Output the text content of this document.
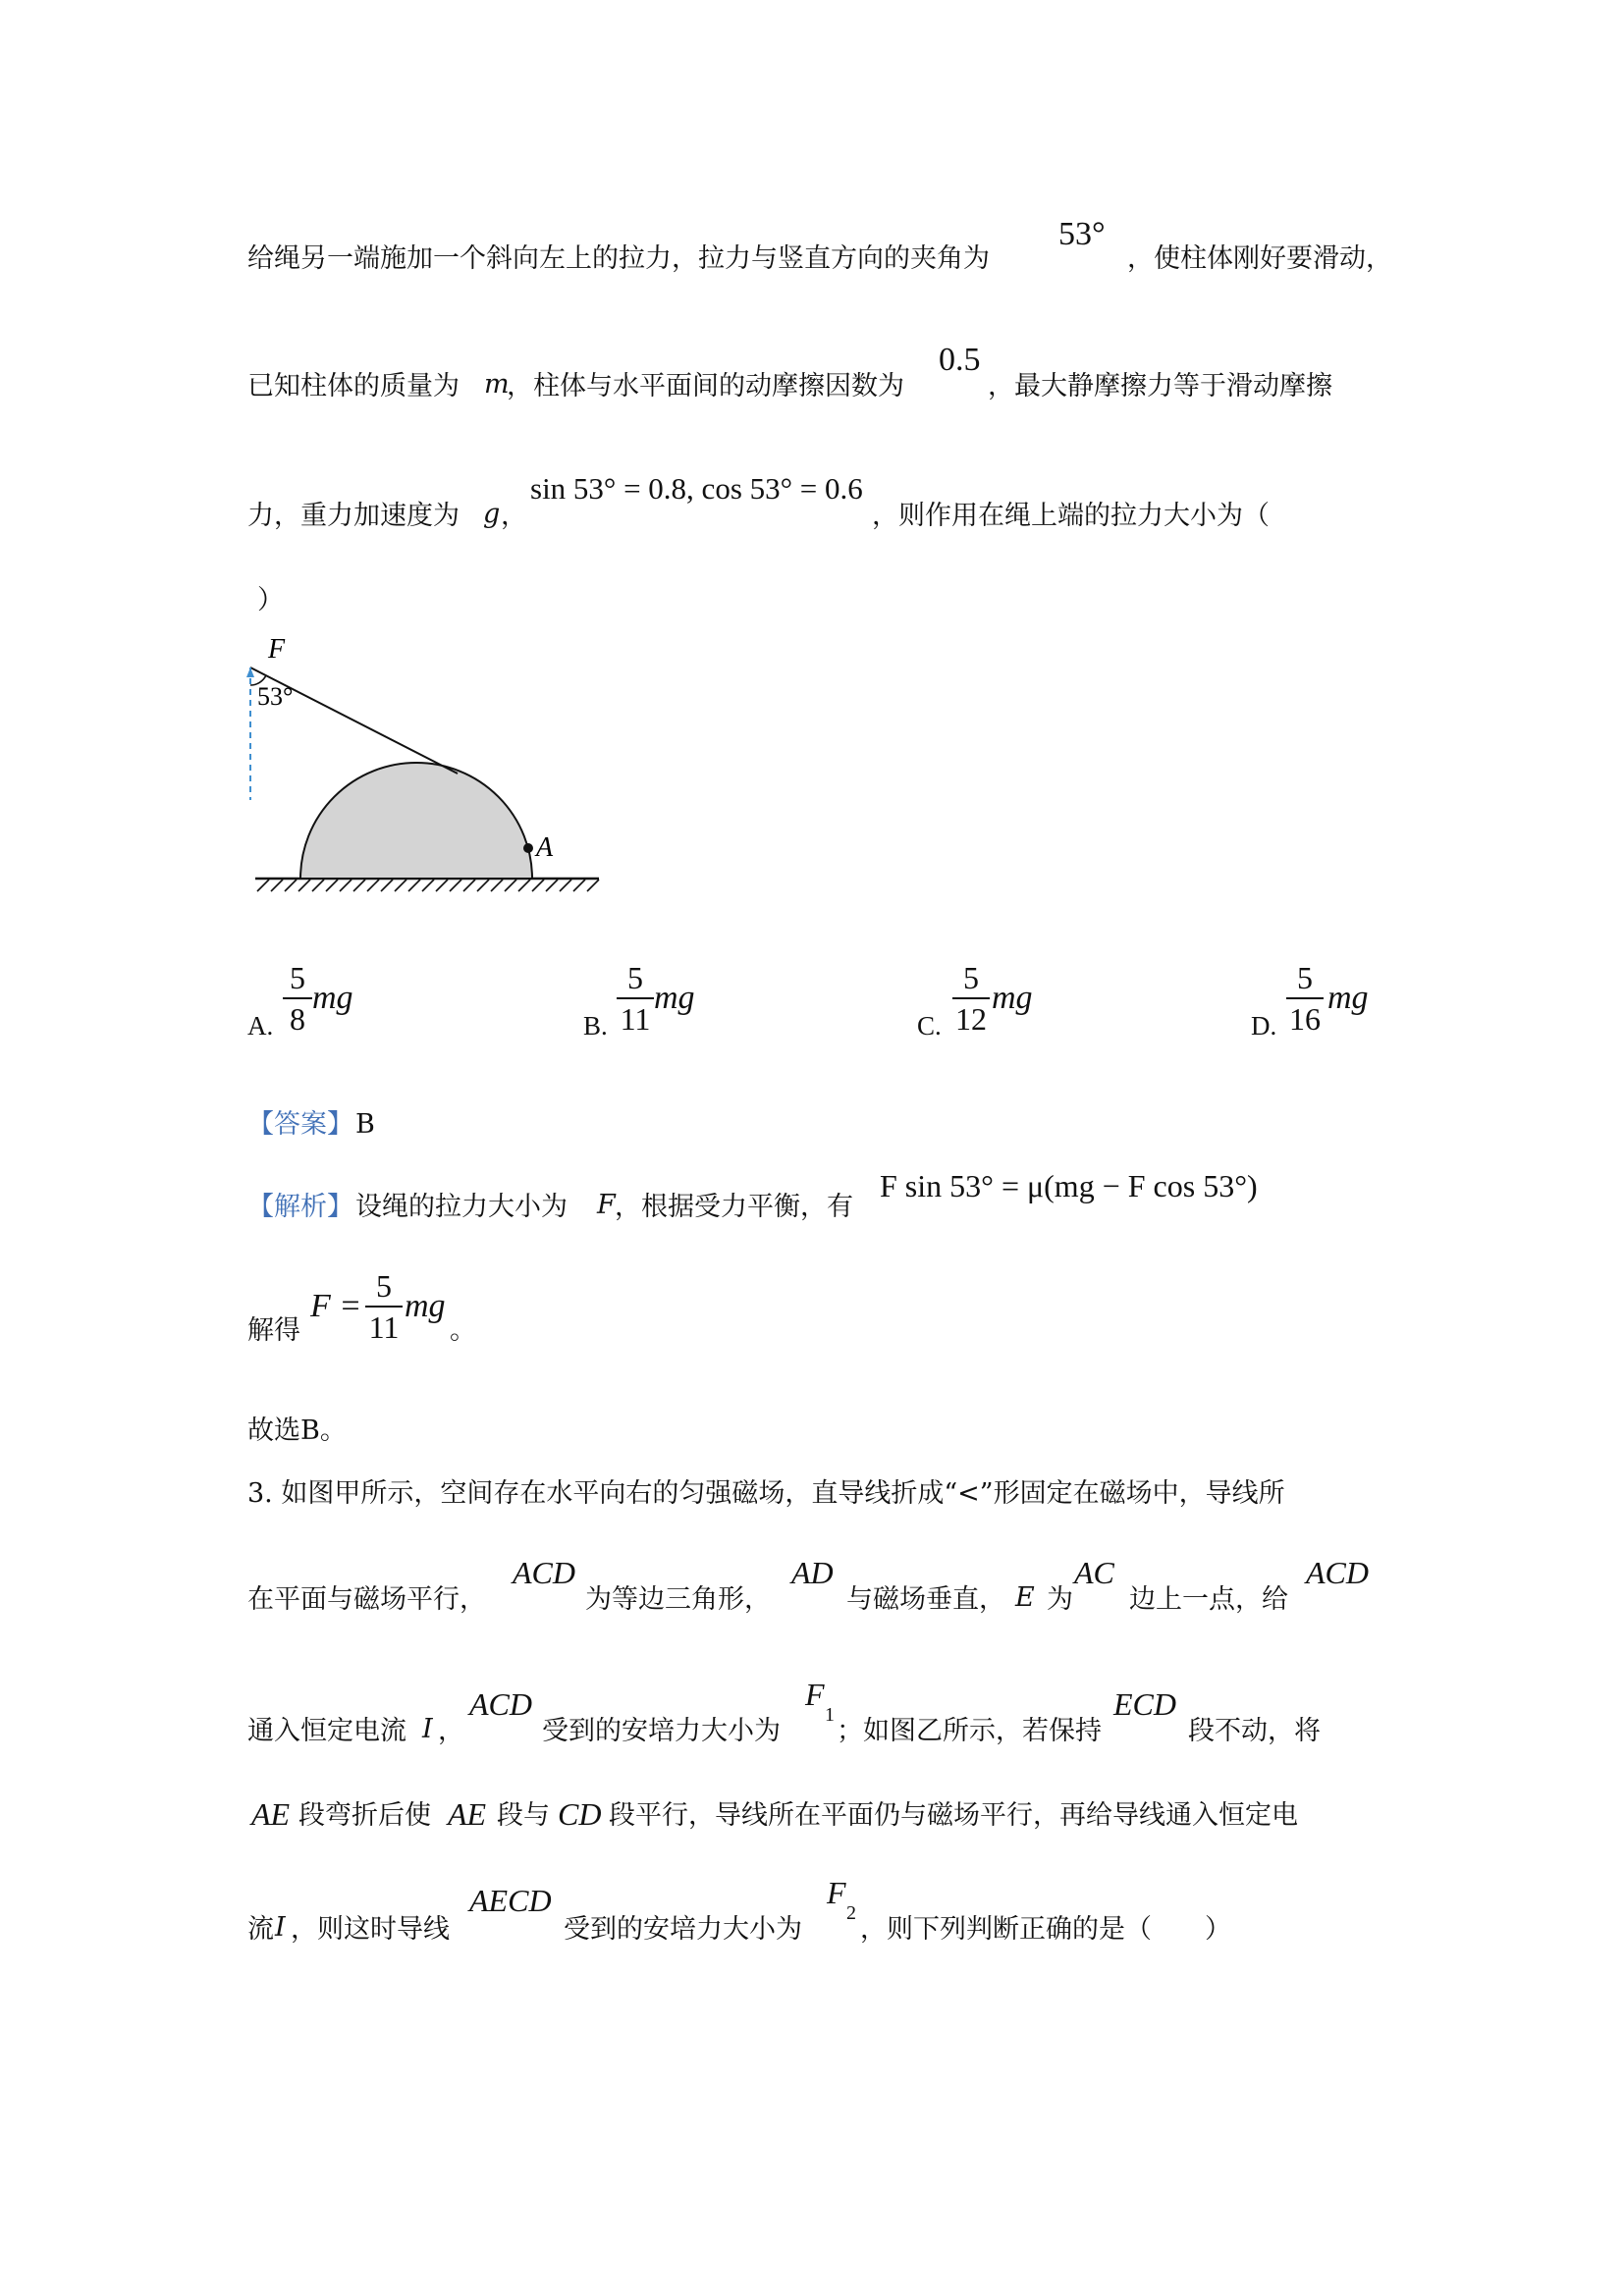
给绳另一端施加一个斜向左上的拉力，拉力与竖直方向的夹角为
53°
，使柱体刚好要滑动，
已知柱体的质量为 m
，柱体与水平面间的动摩擦因数为
0.5
，最大静摩擦力等于滑动摩擦
力，重力加速度为 g ，
sin 53° = 0.8, cos 53° = 0.6
，则作用在绳上端的拉力大小为（
）
F
53°
A
A.
5
8
mg
B.
5
11
mg
C.
5
12
mg
D.
5
16
mg
【答案】 B
【解析】 设绳的拉力大小为 F ，根据受力平衡，有
F sin 53° = μ(mg − F cos 53°)
解得
F =
5
11
mg
。
故选B。
3. 如图甲所示，空间存在水平向右的匀强磁场，直导线折成“<”形固定在磁场中，导线所
在平面与磁场平行，
ACD
为等边三角形，
AD
与磁场垂直， E 为
AC
边上一点，给
ACD
通入恒定电流 I ，
ACD
受到的安培力大小为
F
1
；如图乙所示，若保持
ECD
段不动，将
AE 段弯折后使 AE 段与 CD 段平行，导线所在平面仍与磁场平行，再给导线通入恒定电
流 I ，则这时导线
AECD
受到的安培力大小为
F
2
，则下列判断正确的是（　　）
